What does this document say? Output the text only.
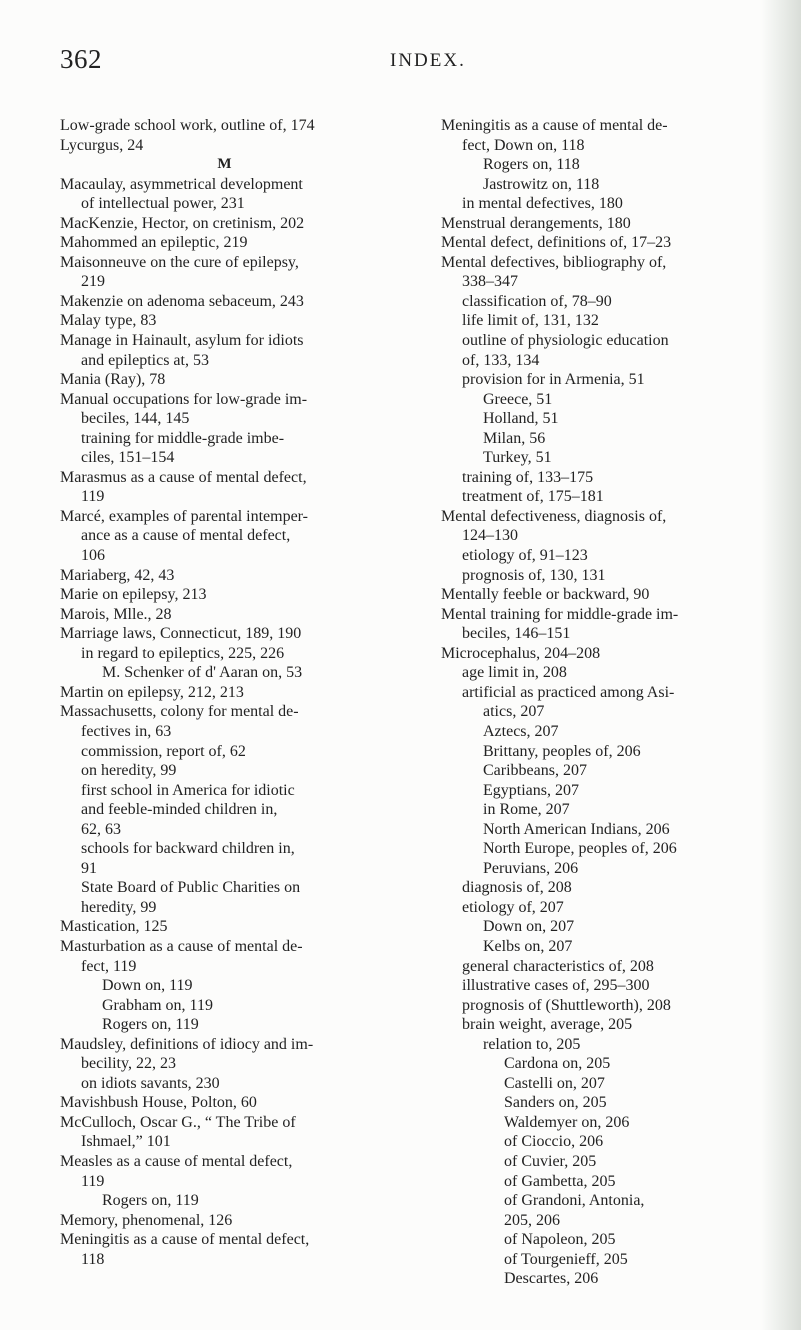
362	INDEX.
Low-grade school work, outline of, 174
Lycurgus, 24
M
Macaulay, asymmetrical development
of intellectual power, 231
MacKenzie, Hector, on cretinism, 202
Mahommed an epileptic, 219
Maisonneuve on the cure of epilepsy,
219
Makenzie on adenoma sebaceum, 243
Malay type, 83
Manage in Hainault, asylum for idiots
and epileptics at, 53
Mania (Ray), 78
Manual occupations for low-grade im-
beciles, 144, 145
training for middle-grade imbe-
ciles, 151–154
Marasmus as a cause of mental defect,
119
Marcé, examples of parental intemper-
ance as a cause of mental defect,
106
Mariaberg, 42, 43
Marie on epilepsy, 213
Marois, Mlle., 28
Marriage laws, Connecticut, 189, 190
in regard to epileptics, 225, 226
M. Schenker of d' Aaran on, 53
Martin on epilepsy, 212, 213
Massachusetts, colony for mental de-
fectives in, 63
commission, report of, 62
on heredity, 99
first school in America for idiotic
and feeble-minded children in,
62, 63
schools for backward children in,
91
State Board of Public Charities on
heredity, 99
Mastication, 125
Masturbation as a cause of mental de-
fect, 119
Down on, 119
Grabham on, 119
Rogers on, 119
Maudsley, definitions of idiocy and im-
becility, 22, 23
on idiots savants, 230
Mavishbush House, Polton, 60
McCulloch, Oscar G., “ The Tribe of
Ishmael,” 101
Measles as a cause of mental defect,
119
Rogers on, 119
Memory, phenomenal, 126
Meningitis as a cause of mental defect,
118
Meningitis as a cause of mental de-
fect, Down on, 118
Rogers on, 118
Jastrowitz on, 118
in mental defectives, 180
Menstrual derangements, 180
Mental defect, definitions of, 17–23
Mental defectives, bibliography of,
338–347
classification of, 78–90
life limit of, 131, 132
outline of physiologic education
of, 133, 134
provision for in Armenia, 51
Greece, 51
Holland, 51
Milan, 56
Turkey, 51
training of, 133–175
treatment of, 175–181
Mental defectiveness, diagnosis of,
124–130
etiology of, 91–123
prognosis of, 130, 131
Mentally feeble or backward, 90
Mental training for middle-grade im-
beciles, 146–151
Microcephalus, 204–208
age limit in, 208
artificial as practiced among Asi-
atics, 207
Aztecs, 207
Brittany, peoples of, 206
Caribbeans, 207
Egyptians, 207
in Rome, 207
North American Indians, 206
North Europe, peoples of, 206
Peruvians, 206
diagnosis of, 208
etiology of, 207
Down on, 207
Kelbs on, 207
general characteristics of, 208
illustrative cases of, 295–300
prognosis of (Shuttleworth), 208
brain weight, average, 205
relation to, 205
Cardona on, 205
Castelli on, 207
Sanders on, 205
Waldemyer on, 206
of Cioccio, 206
of Cuvier, 205
of Gambetta, 205
of Grandoni, Antonia,
205, 206
of Napoleon, 205
of Tourgenieff, 205
Descartes, 206
